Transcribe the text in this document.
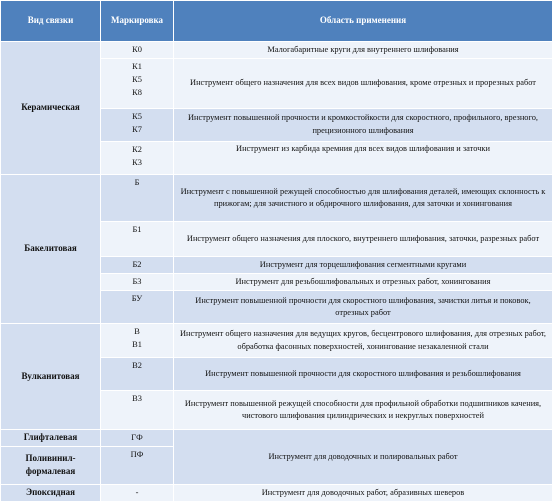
Вид связки	Маркировка	Область применения
Керамическая	К0	Малогабаритные круги для внутреннего шлифования

	К1
К5
К8	Инструмент общего назначения для всех видов шлифования, кроме отрезных и прорезных работ

	К5
К7	Инструмент повышенной прочности и кромкостойкости для скоростного, профильного, врезного, прецизионного шлифования

	К2
К3	Инструмент из карбида кремния для всех видов шлифования и заточки
Бакелитовая	Б	Инструмент с повышенной режущей способностью для шлифования деталей, имеющих склонность к прижогам; для зачистного и обдирочного шлифования, для заточки и хонингования

	Б1	Инструмент общего назначения для плоского, внутреннего шлифования, заточки, разрезных работ

	Б2	Инструмент для торцешлифования сегментными кругами

	Б3	Инструмент для резьбошлифовальных и отрезных работ, хонингования

	БУ	Инструмент повышенной прочности для скоростного шлифования, зачистки литья и поковок, отрезных работ
Вулканитовая	В
В1	Инструмент общего назначения для ведущих кругов, бесцентрового шлифования, для отрезных работ, обработка фасонных поверхностей, хонингование незакаленной стали

	В2	Инструмент повышенной прочности для скоростного шлифования и резьбошлифования

	В3	Инструмент повышенной режущей способности для профильной обработки подшипников качения, чистового шлифования цилиндрических и некруглых поверхностей
Глифталевая	ГФ	Инструмент для доводочных и полировальных работ
Поливинил-формалевая	ПФ	

Эпоксидная	-	Инструмент для доводочных работ, абразивных шеверов
